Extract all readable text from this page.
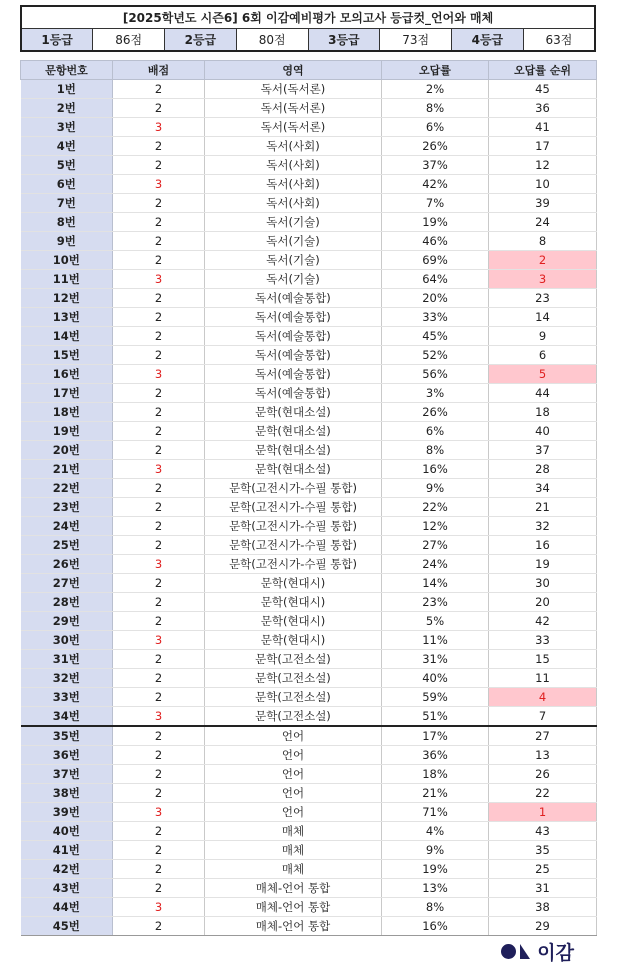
[2025학년도 시즌6] 6회 이감예비평가 모의고사 등급컷_언어와 매체
1등급	86점	2등급	80점	3등급	73점	4등급	63점
문항번호	배점	영역	오답률	오답률 순위
1번	2	독서(독서론)	2%	45
2번	2	독서(독서론)	8%	36
3번	3	독서(독서론)	6%	41
4번	2	독서(사회)	26%	17
5번	2	독서(사회)	37%	12
6번	3	독서(사회)	42%	10
7번	2	독서(사회)	7%	39
8번	2	독서(기술)	19%	24
9번	2	독서(기술)	46%	8
10번	2	독서(기술)	69%	2
11번	3	독서(기술)	64%	3
12번	2	독서(예술통합)	20%	23
13번	2	독서(예술통합)	33%	14
14번	2	독서(예술통합)	45%	9
15번	2	독서(예술통합)	52%	6
16번	3	독서(예술통합)	56%	5
17번	2	독서(예술통합)	3%	44
18번	2	문학(현대소설)	26%	18
19번	2	문학(현대소설)	6%	40
20번	2	문학(현대소설)	8%	37
21번	3	문학(현대소설)	16%	28
22번	2	문학(고전시가-수필 통합)	9%	34
23번	2	문학(고전시가-수필 통합)	22%	21
24번	2	문학(고전시가-수필 통합)	12%	32
25번	2	문학(고전시가-수필 통합)	27%	16
26번	3	문학(고전시가-수필 통합)	24%	19
27번	2	문학(현대시)	14%	30
28번	2	문학(현대시)	23%	20
29번	2	문학(현대시)	5%	42
30번	3	문학(현대시)	11%	33
31번	2	문학(고전소설)	31%	15
32번	2	문학(고전소설)	40%	11
33번	2	문학(고전소설)	59%	4
34번	3	문학(고전소설)	51%	7
35번	2	언어	17%	27
36번	2	언어	36%	13
37번	2	언어	18%	26
38번	2	언어	21%	22
39번	3	언어	71%	1
40번	2	매체	4%	43
41번	2	매체	9%	35
42번	2	매체	19%	25
43번	2	매체-언어 통합	13%	31
44번	3	매체-언어 통합	8%	38
45번	2	매체-언어 통합	16%	29
이감
